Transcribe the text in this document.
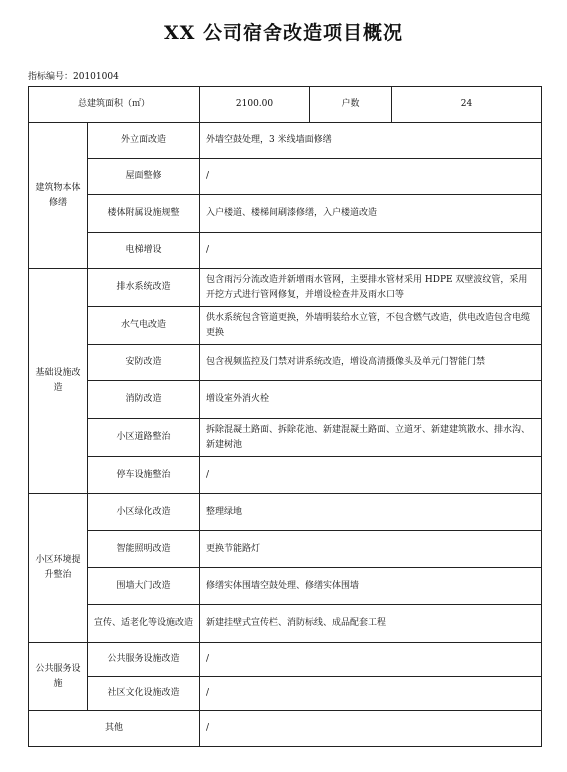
XX 公司宿舍改造项目概况
指标编号：20101004
总建筑面积（㎡）		2100.00	户数	24
建筑物本体修缮	外立面改造	外墙空鼓处理，3 米线墙面修缮		
	屋面整修	/		
	楼体附属设施规整	入户楼道、楼梯间刷漆修缮，入户楼道改造		
	电梯增设	/		
基础设施改造	排水系统改造	包含雨污分流改造并新增雨水管网，主要排水管材采用 HDPE 双壁波纹管，采用开挖方式进行管网修复，并增设检查井及雨水口等		
	水气电改造	供水系统包含管道更换，外墙明装给水立管，不包含燃气改造，供电改造包含电缆更换		
	安防改造	包含视频监控及门禁对讲系统改造，增设高清摄像头及单元门智能门禁		
	消防改造	增设室外消火栓		
	小区道路整治	拆除混凝土路面、拆除花池、新建混凝土路面、立道牙、新建建筑散水、排水沟、新建树池		
	停车设施整治	/		
小区环境提升整治	小区绿化改造	整理绿地		
	智能照明改造	更换节能路灯		
	围墙大门改造	修缮实体围墙空鼓处理、修缮实体围墙		
	宣传、适老化等设施改造	新建挂壁式宣传栏、消防标线、成品配套工程		
公共服务设施	公共服务设施改造	/		
	社区文化设施改造	/		
其他		/		
